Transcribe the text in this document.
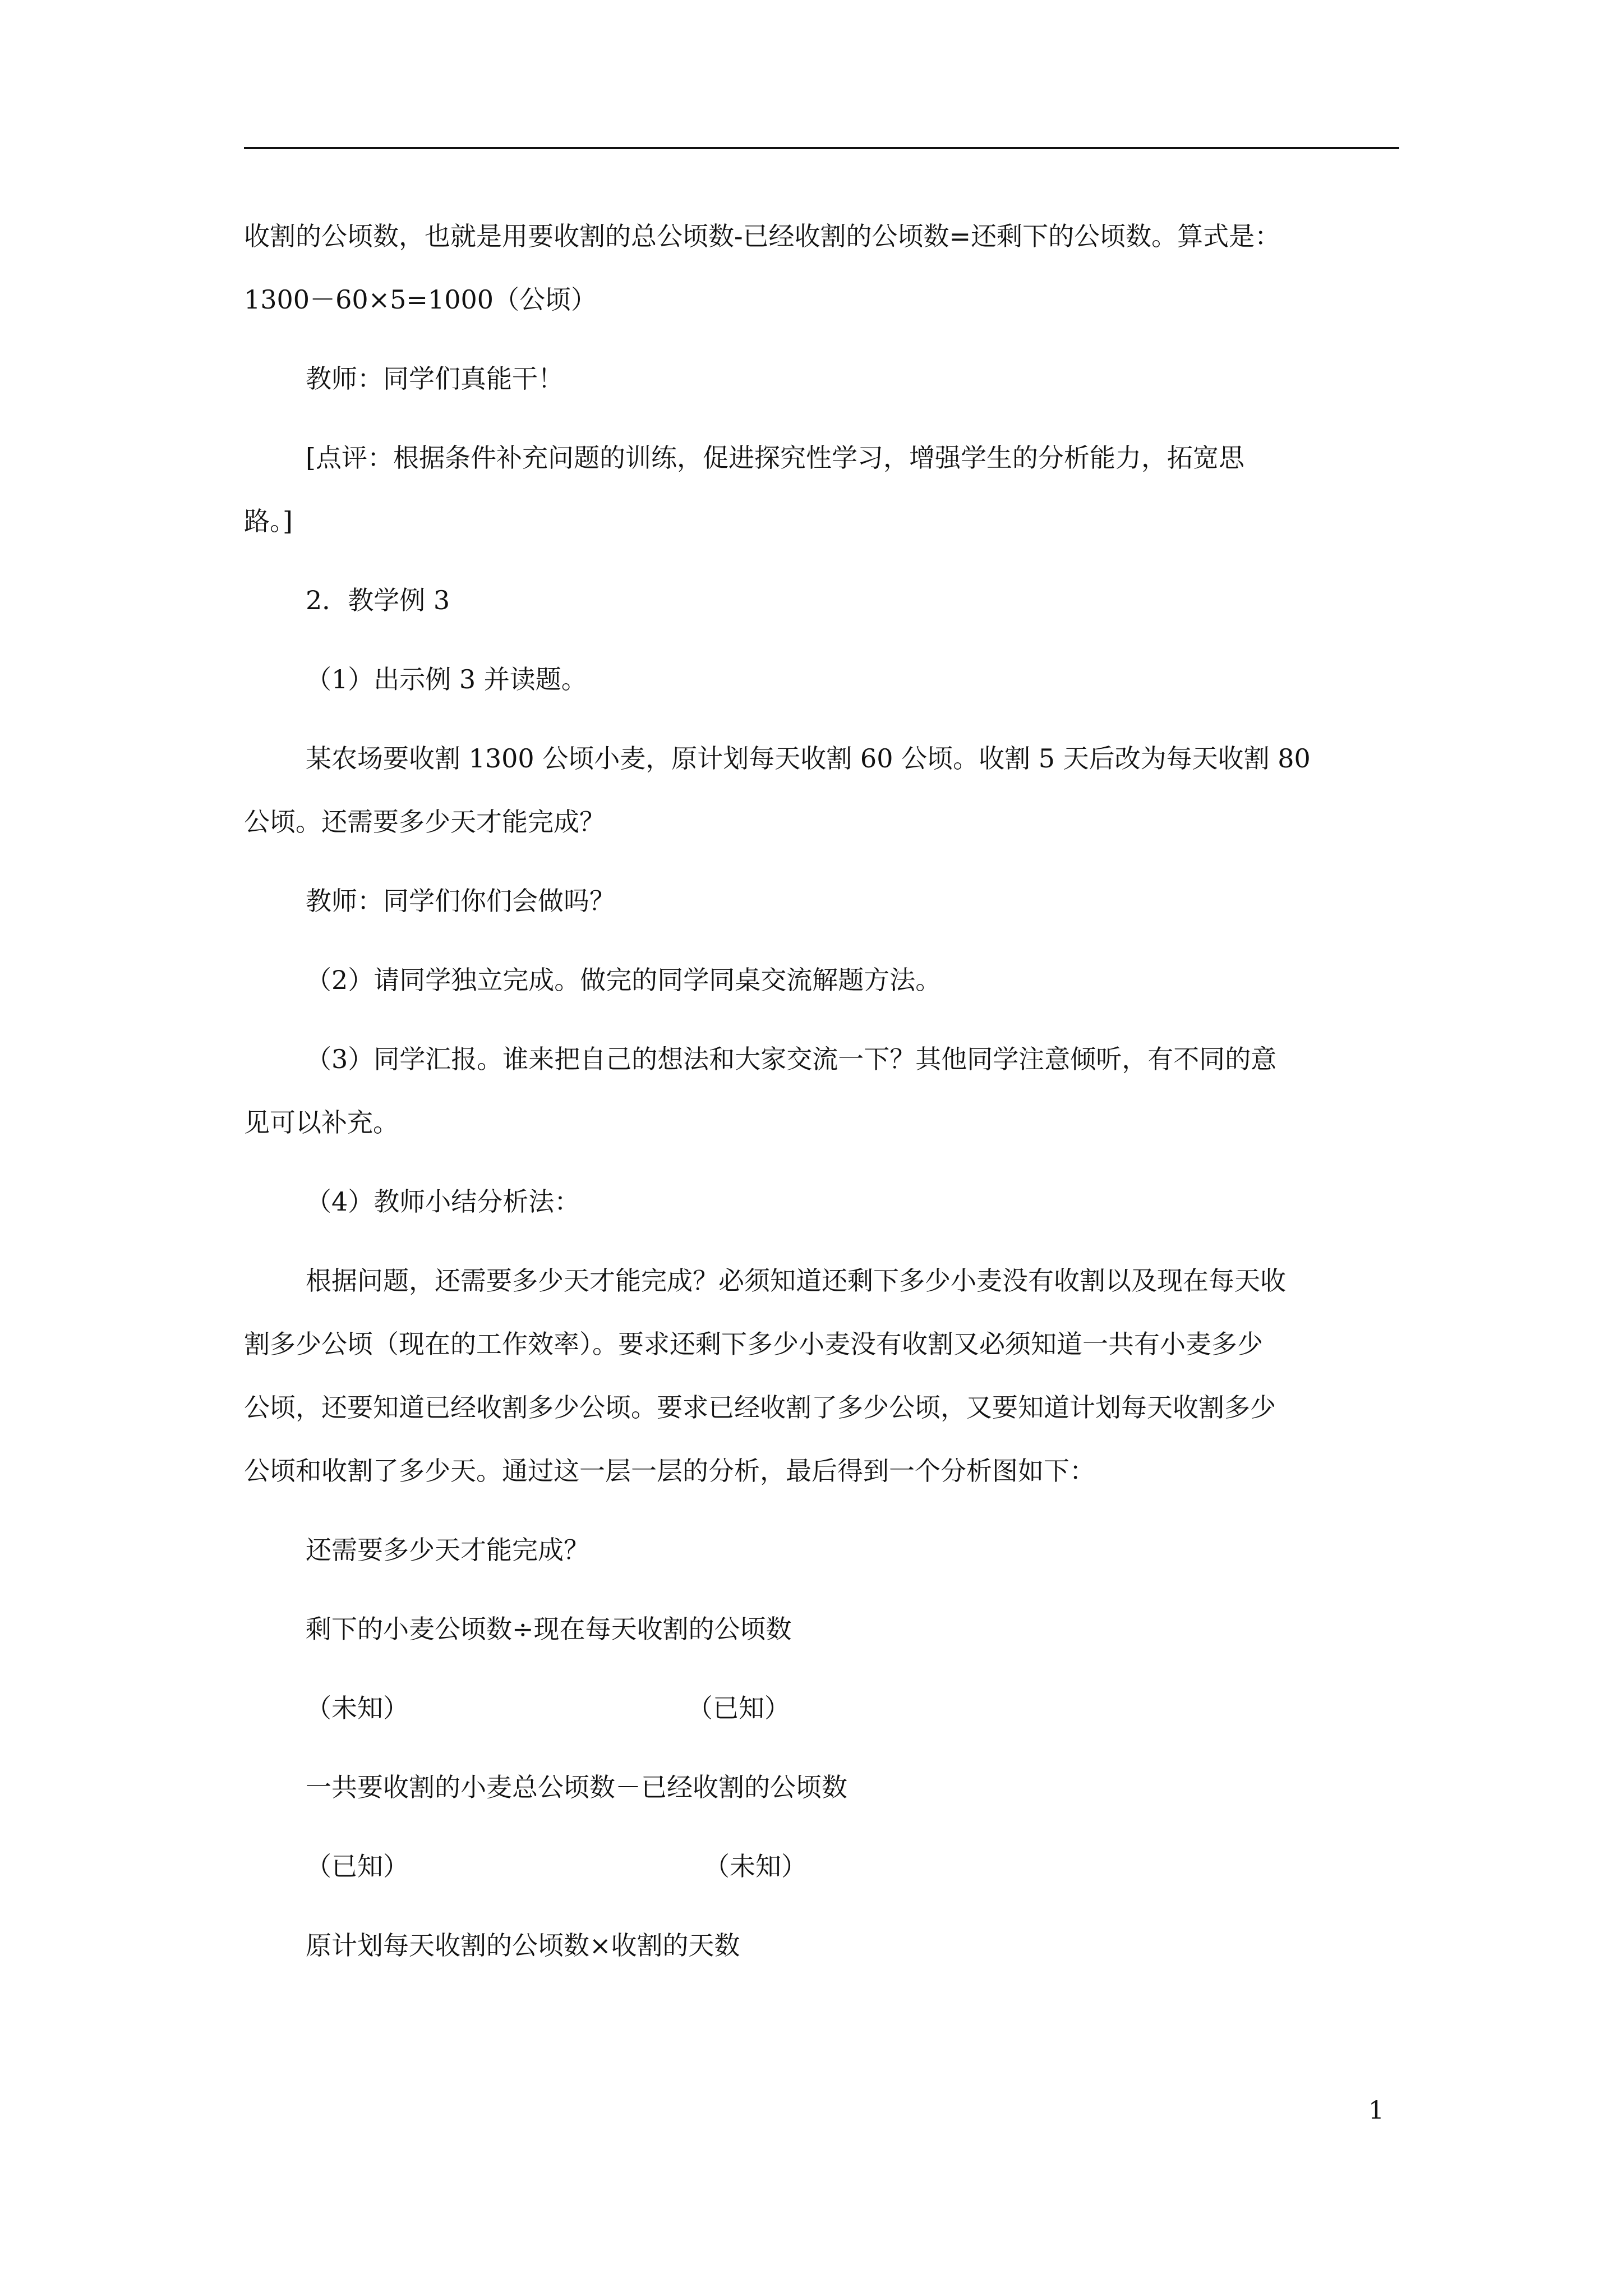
收割的公顷数，也就是用要收割的总公顷数-已经收割的公顷数=还剩下的公顷数。算式是：
1300－60×5=1000（公顷）

教师：同学们真能干！

[点评：根据条件补充问题的训练，促进探究性学习，增强学生的分析能力，拓宽思
路。]

2．教学例 3

（1）出示例 3 并读题。

某农场要收割 1300 公顷小麦，原计划每天收割 60 公顷。收割 5 天后改为每天收割 80
公顷。还需要多少天才能完成？

教师：同学们你们会做吗？

（2）请同学独立完成。做完的同学同桌交流解题方法。

（3）同学汇报。谁来把自己的想法和大家交流一下？其他同学注意倾听，有不同的意
见可以补充。

（4）教师小结分析法：

根据问题，还需要多少天才能完成？必须知道还剩下多少小麦没有收割以及现在每天收
割多少公顷（现在的工作效率）。要求还剩下多少小麦没有收割又必须知道一共有小麦多少
公顷，还要知道已经收割多少公顷。要求已经收割了多少公顷，又要知道计划每天收割多少
公顷和收割了多少天。通过这一层一层的分析，最后得到一个分析图如下：

还需要多少天才能完成？

剩下的小麦公顷数÷现在每天收割的公顷数

（未知）	（已知）

一共要收割的小麦总公顷数－已经收割的公顷数

（已知）	（未知）

原计划每天收割的公顷数×收割的天数

1
